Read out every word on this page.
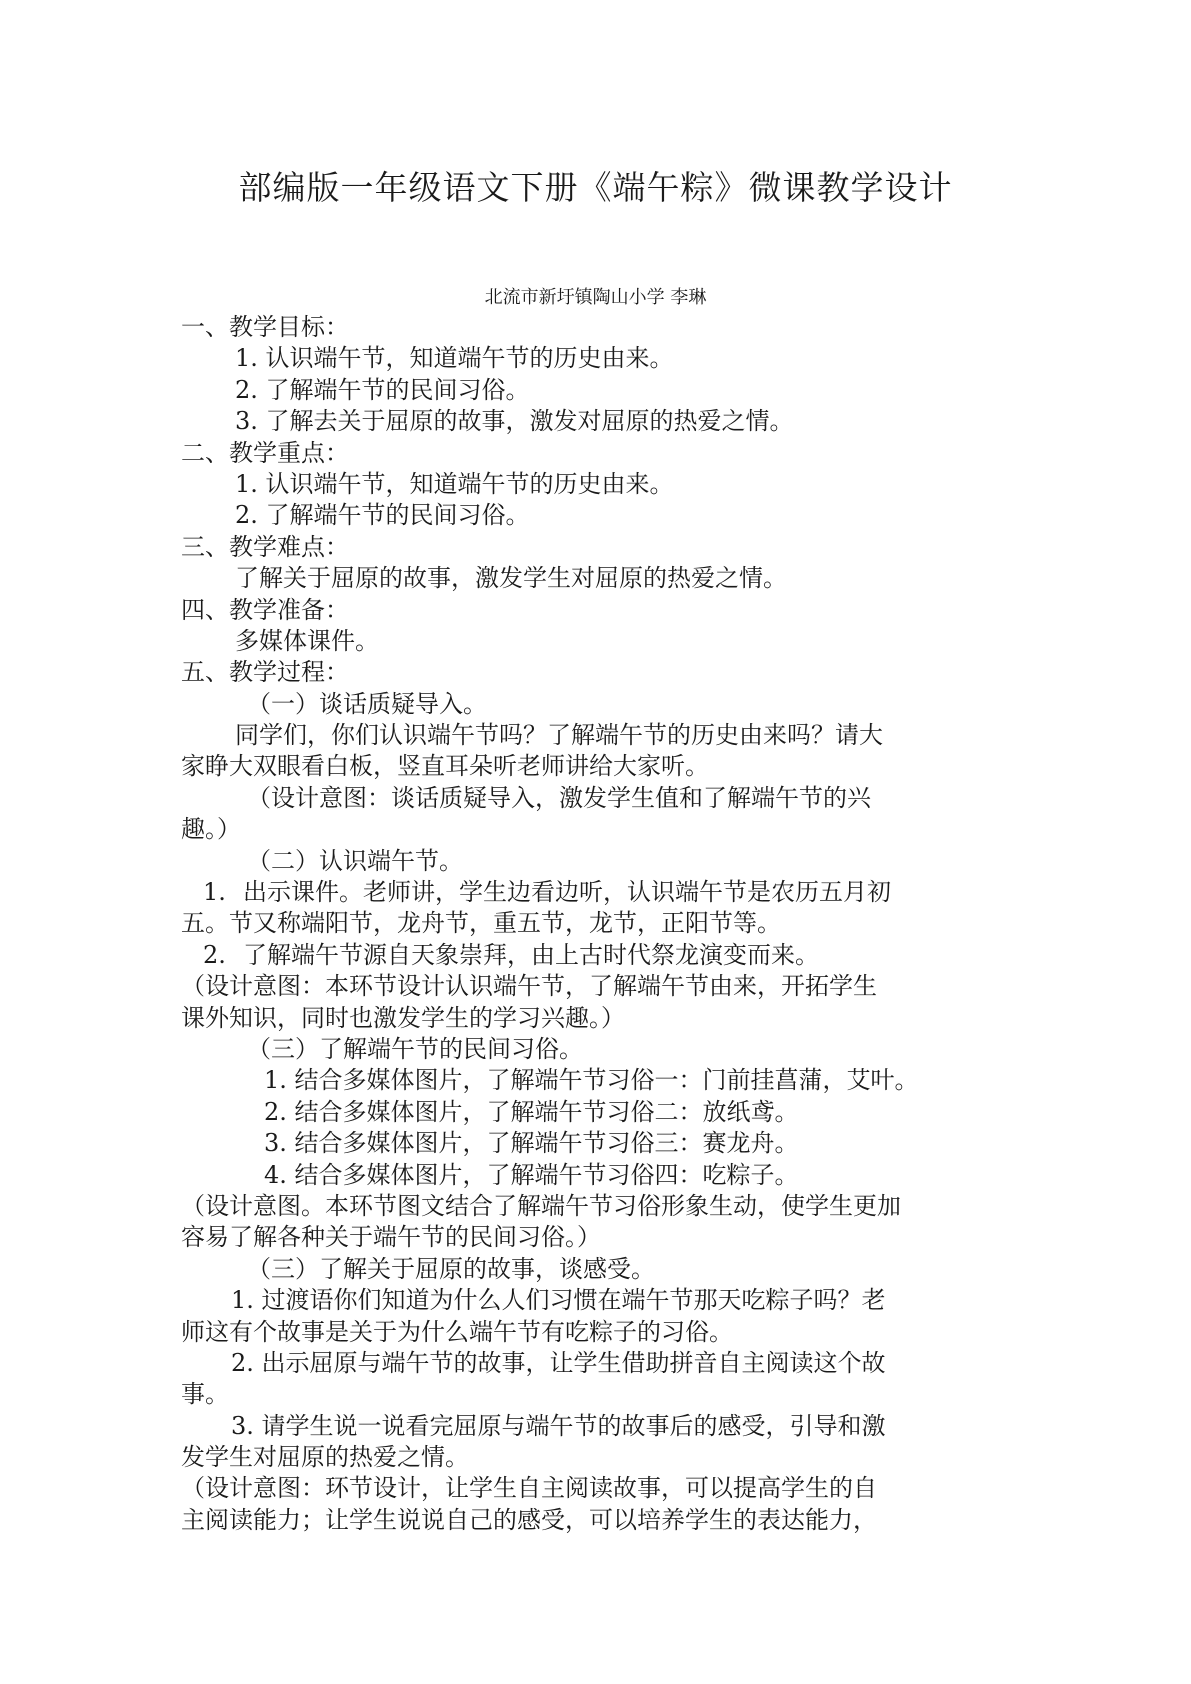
部编版一年级语文下册《端午粽》微课教学设计
北流市新圩镇陶山小学 李琳
一、教学目标：
1. 认识端午节，知道端午节的历史由来。
2. 了解端午节的民间习俗。
3. 了解去关于屈原的故事，激发对屈原的热爱之情。
二、教学重点：
1. 认识端午节，知道端午节的历史由来。
2. 了解端午节的民间习俗。
三、教学难点：
了解关于屈原的故事，激发学生对屈原的热爱之情。
四、教学准备：
多媒体课件。
五、教学过程：
（一）谈话质疑导入。
同学们，你们认识端午节吗？了解端午节的历史由来吗？请大
家睁大双眼看白板，竖直耳朵听老师讲给大家听。
（设计意图：谈话质疑导入，激发学生值和了解端午节的兴
趣。）
（二）认识端午节。
1. 出示课件。老师讲，学生边看边听，认识端午节是农历五月初
五。节又称端阳节，龙舟节，重五节，龙节，正阳节等。
2. 了解端午节源自天象崇拜，由上古时代祭龙演变而来。
（设计意图：本环节设计认识端午节，了解端午节由来，开拓学生
课外知识，同时也激发学生的学习兴趣。）
（三）了解端午节的民间习俗。
1. 结合多媒体图片，了解端午节习俗一：门前挂菖蒲，艾叶。
2. 结合多媒体图片，了解端午节习俗二：放纸鸢。
3. 结合多媒体图片，了解端午节习俗三：赛龙舟。
4. 结合多媒体图片，了解端午节习俗四：吃粽子。
（设计意图。本环节图文结合了解端午节习俗形象生动，使学生更加
容易了解各种关于端午节的民间习俗。）
（三）了解关于屈原的故事，谈感受。
1. 过渡语你们知道为什么人们习惯在端午节那天吃粽子吗？老
师这有个故事是关于为什么端午节有吃粽子的习俗。
2. 出示屈原与端午节的故事，让学生借助拼音自主阅读这个故
事。
3. 请学生说一说看完屈原与端午节的故事后的感受，引导和激
发学生对屈原的热爱之情。
（设计意图：环节设计，让学生自主阅读故事，可以提高学生的自
主阅读能力；让学生说说自己的感受，可以培养学生的表达能力，
